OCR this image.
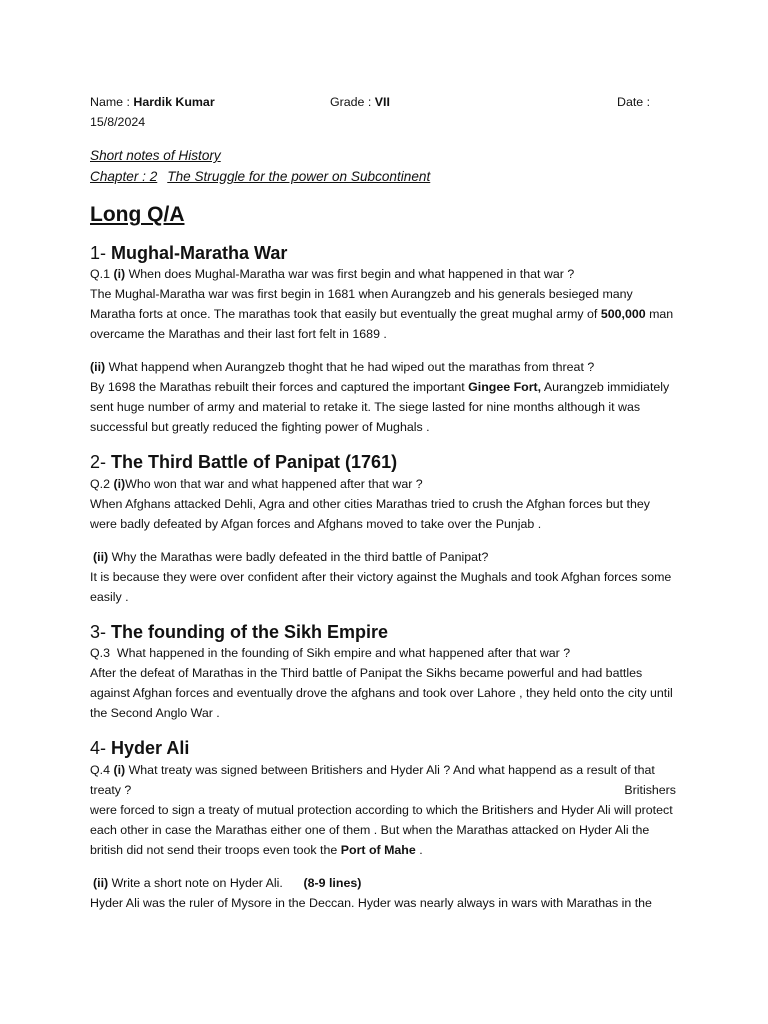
Name : Hardik Kumar	Grade : VII	Date :
15/8/2024
Short notes of History
Chapter : 2 The Struggle for the power on Subcontinent
Long Q/A
1- Mughal-Maratha War

Q.1 (i) When does Mughal-Maratha war was first begin and what happened in that war ?

The Mughal-Maratha war was first begin in 1681 when Aurangzeb and his generals besieged many Maratha forts at once. The marathas took that easily but eventually the great mughal army of 500,000 man overcame the Marathas and their last fort felt in 1689 .

(ii) What happend when Aurangzeb thoght that he had wiped out the marathas from threat ?

By 1698 the Marathas rebuilt their forces and captured the important Gingee Fort, Aurangzeb immidiately sent huge number of army and material to retake it. The siege lasted for nine months although it was successful but greatly reduced the fighting power of Mughals .

2- The Third Battle of Panipat (1761)

Q.2 (i)Who won that war and what happened after that war ?

When Afghans attacked Dehli, Agra and other cities Marathas tried to crush the Afghan forces but they were badly defeated by Afgan forces and Afghans moved to take over the Punjab .

(ii) Why the Marathas were badly defeated in the third battle of Panipat?

It is because they were over confident after their victory against the Mughals and took Afghan forces some easily .

3- The founding of the Sikh Empire

Q.3 What happened in the founding of Sikh empire and what happened after that war ?

After the defeat of Marathas in the Third battle of Panipat the Sikhs became powerful and had battles against Afghan forces and eventually drove the afghans and took over Lahore , they held onto the city until the Second Anglo War .

4- Hyder Ali

Q.4 (i) What treaty was signed between Britishers and Hyder Ali ? And what happend as a result of that

treaty ?	Britishers

were forced to sign a treaty of mutual protection according to which the Britishers and Hyder Ali will protect each other in case the Marathas either one of them . But when the Marathas attacked on Hyder Ali the british did not send their troops even took the Port of Mahe .

(ii) Write a short note on Hyder Ali. (8-9 lines)

Hyder Ali was the ruler of Mysore in the Deccan. Hyder was nearly always in wars with Marathas in the
